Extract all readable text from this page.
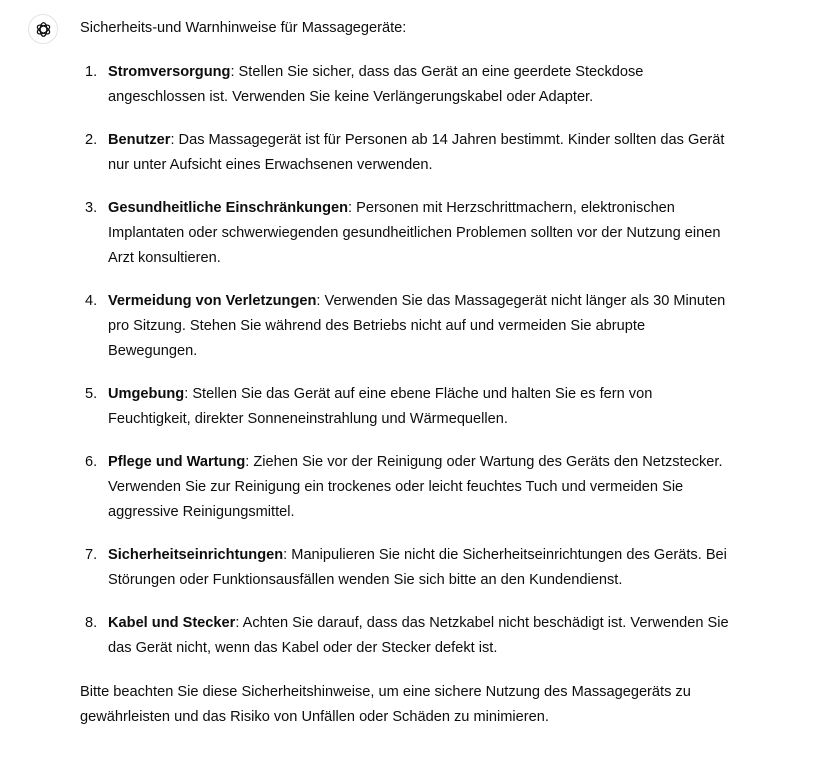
Sicherheits-und Warnhinweise für Massagegeräte:

1. Stromversorgung: Stellen Sie sicher, dass das Gerät an eine geerdete Steckdose angeschlossen ist. Verwenden Sie keine Verlängerungskabel oder Adapter.
2. Benutzer: Das Massagegerät ist für Personen ab 14 Jahren bestimmt. Kinder sollten das Gerät nur unter Aufsicht eines Erwachsenen verwenden.
3. Gesundheitliche Einschränkungen: Personen mit Herzschrittmachern, elektronischen Implantaten oder schwerwiegenden gesundheitlichen Problemen sollten vor der Nutzung einen Arzt konsultieren.
4. Vermeidung von Verletzungen: Verwenden Sie das Massagegerät nicht länger als 30 Minuten pro Sitzung. Stehen Sie während des Betriebs nicht auf und vermeiden Sie abrupte Bewegungen.
5. Umgebung: Stellen Sie das Gerät auf eine ebene Fläche und halten Sie es fern von Feuchtigkeit, direkter Sonneneinstrahlung und Wärmequellen.
6. Pflege und Wartung: Ziehen Sie vor der Reinigung oder Wartung des Geräts den Netzstecker. Verwenden Sie zur Reinigung ein trockenes oder leicht feuchtes Tuch und vermeiden Sie aggressive Reinigungsmittel.
7. Sicherheitseinrichtungen: Manipulieren Sie nicht die Sicherheitseinrichtungen des Geräts. Bei Störungen oder Funktionsausfällen wenden Sie sich bitte an den Kundendienst.
8. Kabel und Stecker: Achten Sie darauf, dass das Netzkabel nicht beschädigt ist. Verwenden Sie das Gerät nicht, wenn das Kabel oder der Stecker defekt ist.

Bitte beachten Sie diese Sicherheitshinweise, um eine sichere Nutzung des Massagegeräts zu gewährleisten und das Risiko von Unfällen oder Schäden zu minimieren.
